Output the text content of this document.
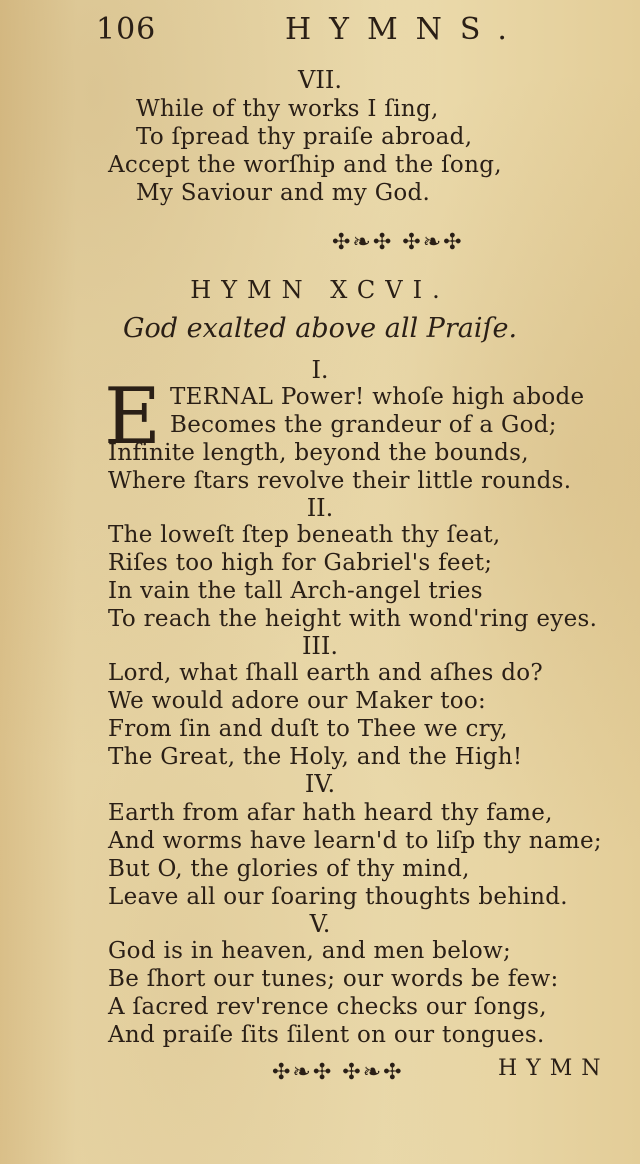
106	HYMNS.
VII.
While of thy works I ſing,
To ſpread thy praiſe abroad,
Accept the worſhip and the ſong,
My Saviour and my God.
✣❧✣ ✣❧✣
HYMN XCVI.
God exalted above all Praiſe.
I.
E TERNAL Power! whoſe high abode
Becomes the grandeur of a God;
Infinite length, beyond the bounds,
Where ſtars revolve their little rounds.
II.
The loweſt ſtep beneath thy ſeat,
Riſes too high for Gabriel's feet;
In vain the tall Arch-angel tries
To reach the height with wond'ring eyes.
III.
Lord, what ſhall earth and aſhes do?
We would adore our Maker too:
From ſin and duſt to Thee we cry,
The Great, the Holy, and the High!
IV.
Earth from afar hath heard thy fame,
And worms have learn'd to liſp thy name;
But O, the glories of thy mind,
Leave all our ſoaring thoughts behind.
V.
God is in heaven, and men below;
Be ſhort our tunes; our words be few:
A ſacred rev'rence checks our ſongs,
And praiſe ſits ſilent on our tongues.
✣❧✣ ✣❧✣	HYMN
